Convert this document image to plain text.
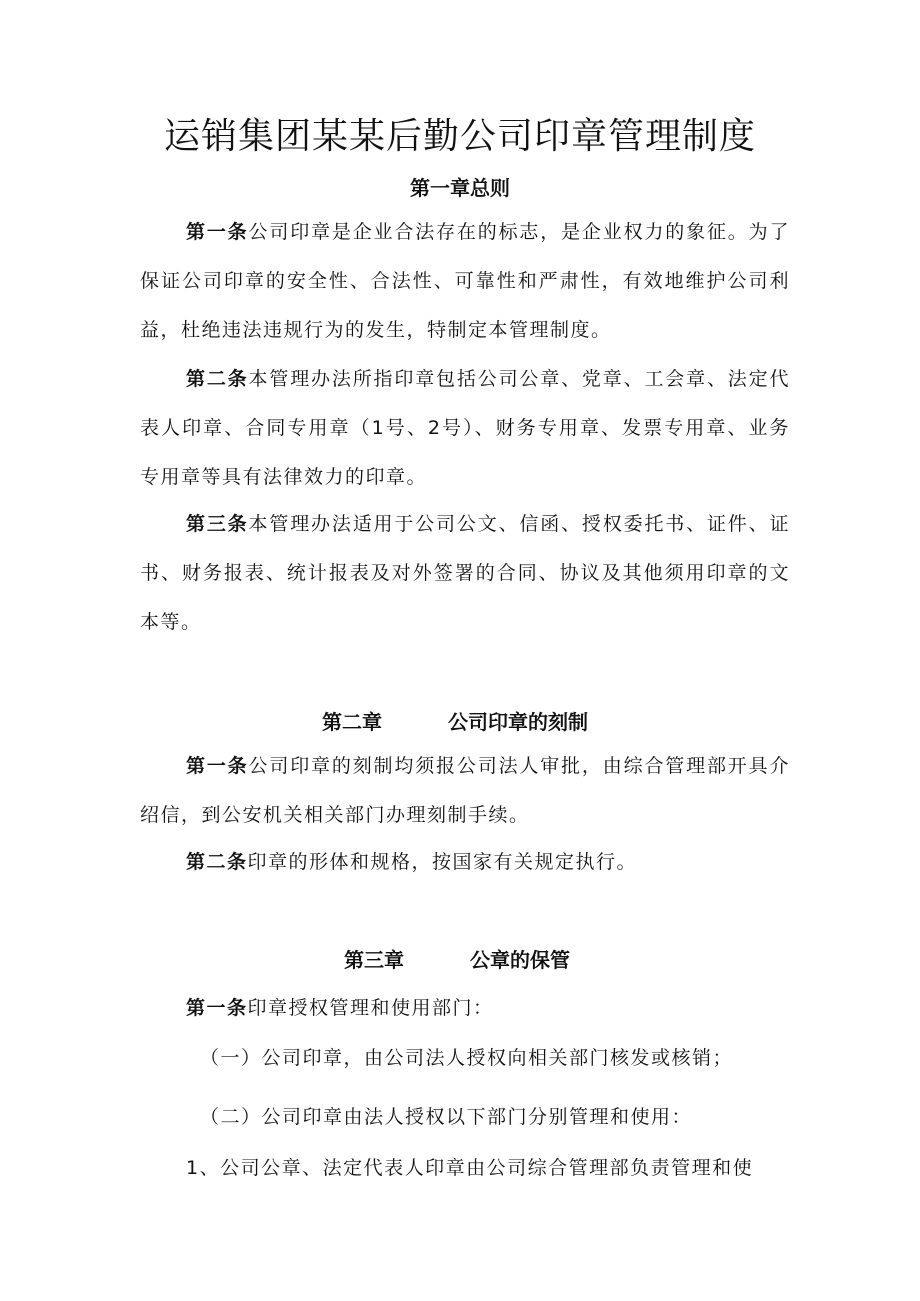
运销集团某某后勤公司印章管理制度
第一章总则
第一条公司印章是企业合法存在的标志，是企业权力的象征。为了保证公司印章的安全性、合法性、可靠性和严肃性，有效地维护公司利益，杜绝违法违规行为的发生，特制定本管理制度。
第二条本管理办法所指印章包括公司公章、党章、工会章、法定代表人印章、合同专用章（1号、2号）、财务专用章、发票专用章、业务专用章等具有法律效力的印章。
第三条本管理办法适用于公司公文、信函、授权委托书、证件、证书、财务报表、统计报表及对外签署的合同、协议及其他须用印章的文本等。
第二章	公司印章的刻制
第一条公司印章的刻制均须报公司法人审批，由综合管理部开具介绍信，到公安机关相关部门办理刻制手续。
第二条印章的形体和规格，按国家有关规定执行。
第三章	公章的保管
第一条印章授权管理和使用部门：
（一）公司印章，由公司法人授权向相关部门核发或核销；
（二）公司印章由法人授权以下部门分别管理和使用：
1、公司公章、法定代表人印章由公司综合管理部负责管理和使
